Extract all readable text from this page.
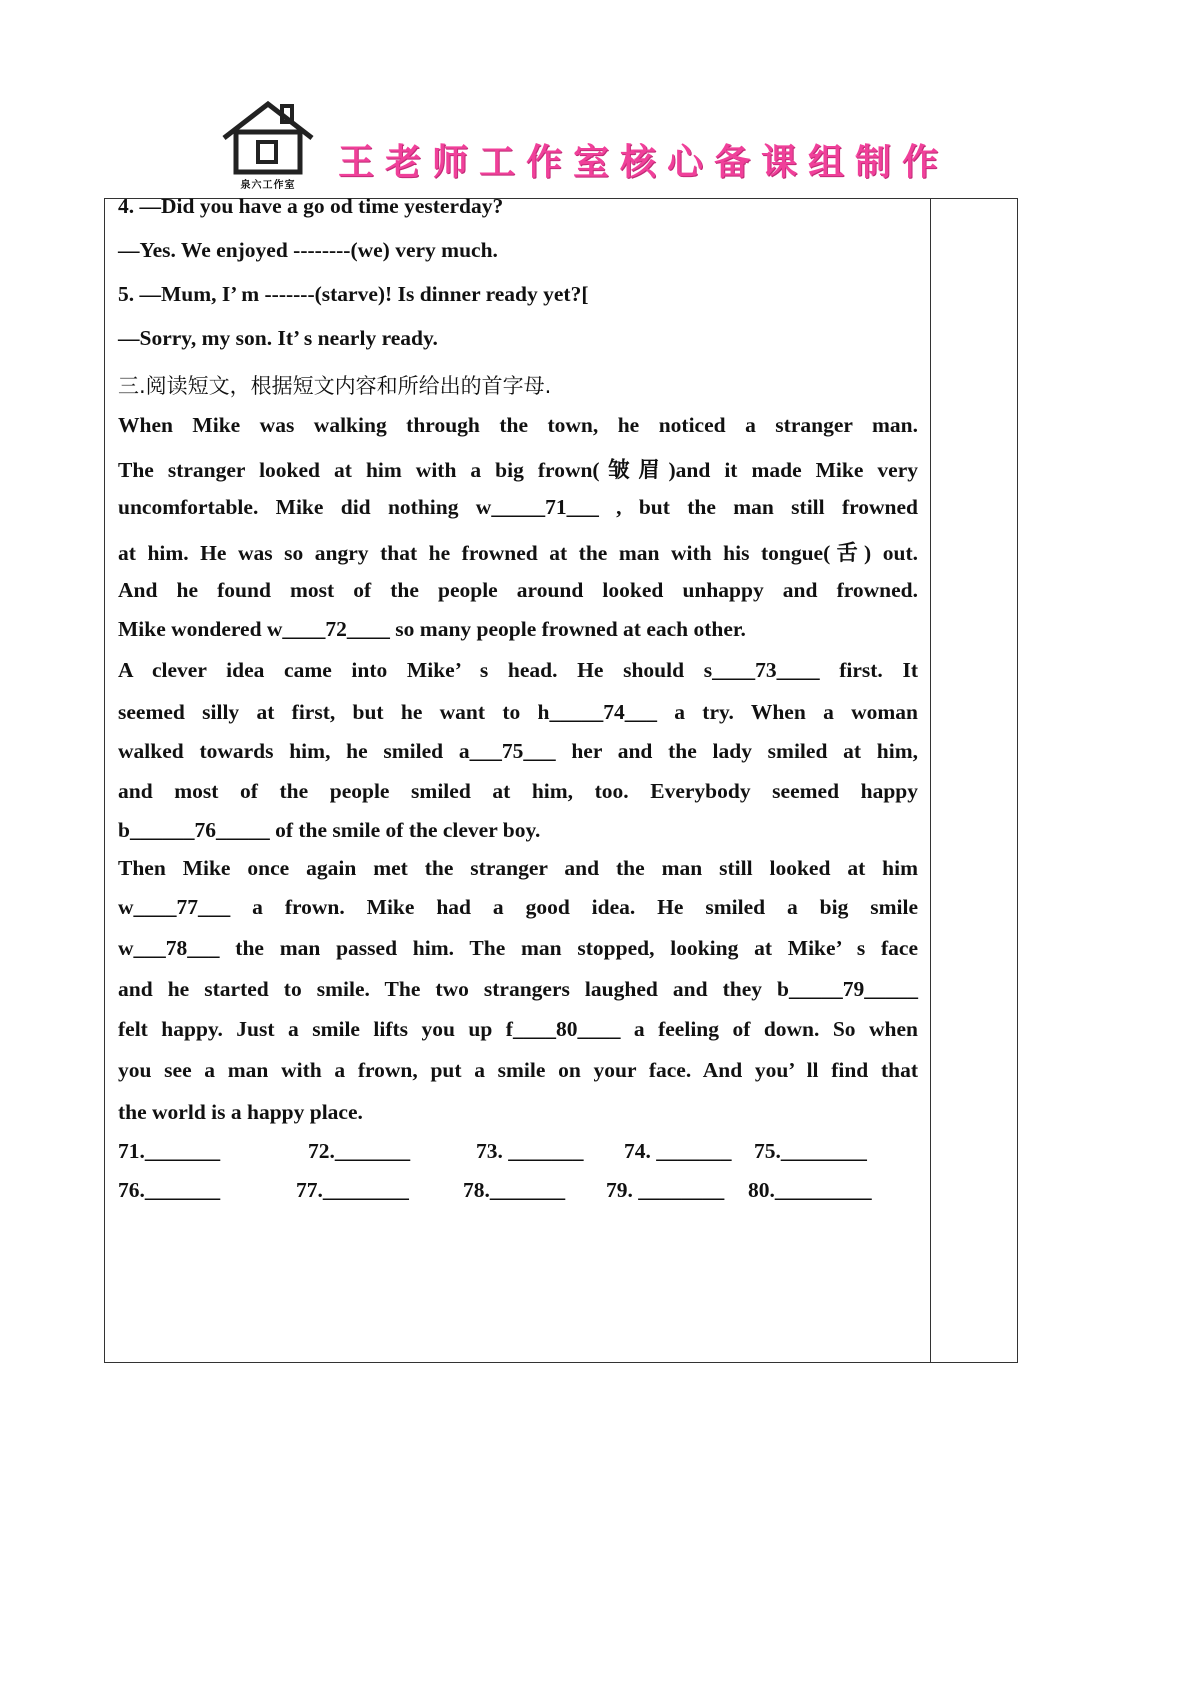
泉六工作室
王老师工作室核心备课组制作
4. —Did you have a go od time yesterday?
—Yes. We enjoyed --------(we) very much.
5. —Mum, I’ m -------(starve)! Is dinner ready yet?[
—Sorry, my son. It’ s nearly ready.
三.阅读短文，根据短文内容和所给出的首字母.
When Mike was walking through the town, he noticed a stranger man.
The stranger looked at him with a big frown(皱眉)and it made Mike very
uncomfortable. Mike did nothing w_____71___ , but the man still frowned
at him. He was so angry that he frowned at the man with his tongue(舌) out.
And he found most of the people around looked unhappy and frowned.
Mike wondered w____72____ so many people frowned at each other.
A clever idea came into Mike’ s head. He should s____73____ first. It
seemed silly at first, but he want to h_____74___ a try. When a woman
walked towards him, he smiled a___75___ her and the lady smiled at him,
and most of the people smiled at him, too. Everybody seemed happy
b______76_____ of the smile of the clever boy.
Then Mike once again met the stranger and the man still looked at him
w____77___ a frown. Mike had a good idea. He smiled a big smile
w___78___ the man passed him. The man stopped, looking at Mike’ s face
and he started to smile. The two strangers laughed and they b_____79_____
felt happy. Just a smile lifts you up f____80____ a feeling of down. So when
you see a man with a frown, put a smile on your face. And you’ ll find that
the world is a happy place.
71._______	72._______	73. _______ 74. _______ 75.________
76._______	77.________	78._______ 79. ________ 80._________
